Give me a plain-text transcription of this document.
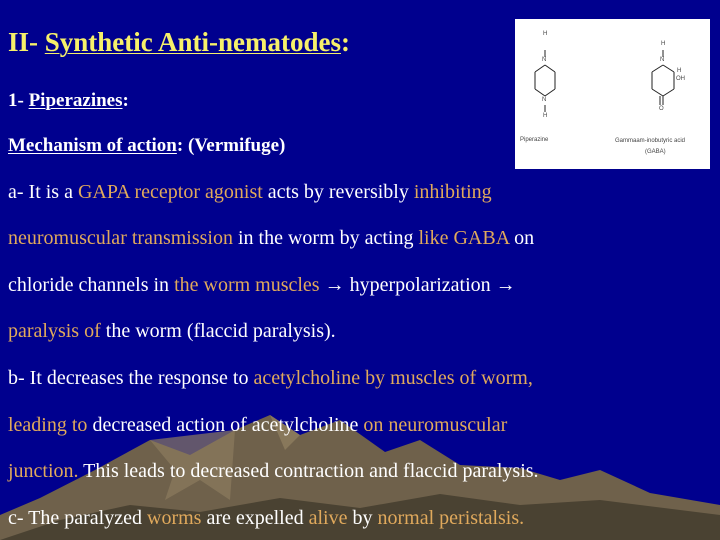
II- Synthetic Anti-nematodes:
1- Piperazines:
Mechanism of action: (Vermifuge)
a- It is a GAPA receptor agonist acts by reversibly inhibiting
neuromuscular transmission in the worm by acting like GABA on
chloride channels in the worm muscles → hyperpolarization →
paralysis of the worm (flaccid paralysis).
b- It decreases the response to acetylcholine by muscles of worm,
leading to decreased action of acetylcholine on neuromuscular
junction. This leads to decreased contraction and flaccid paralysis.
c- The paralyzed worms are expelled alive by normal peristalsis.
H
N
N
H
H
N
H
OH
O
Piperazine	Gammaam-inobutyric acid
(GABA)
